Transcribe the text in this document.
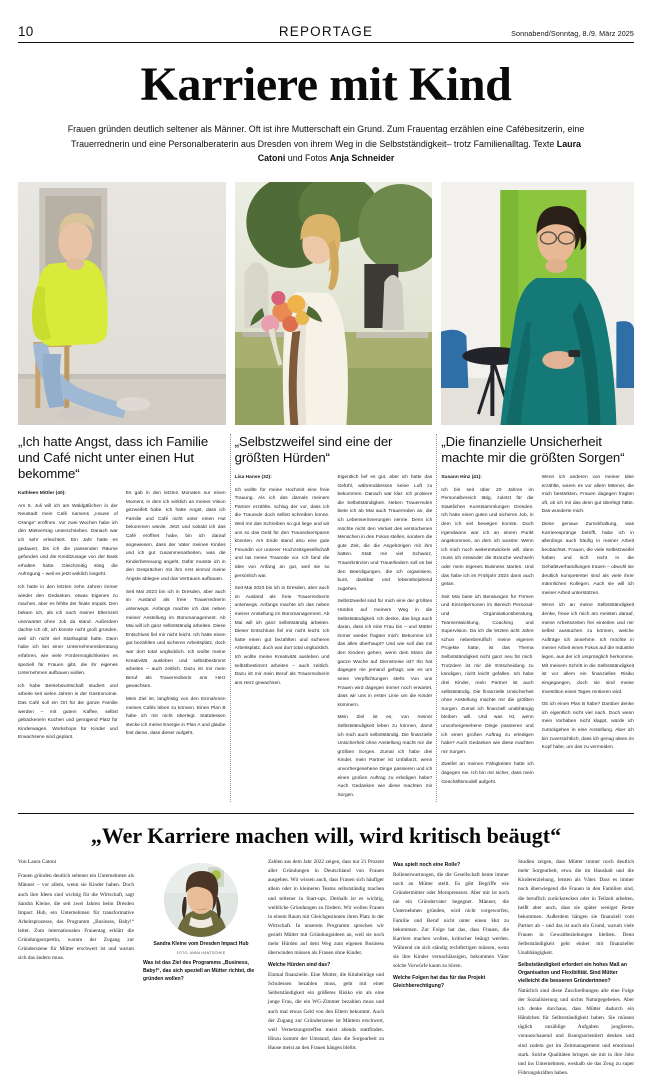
10	REPORTAGE	Sonnabend/Sonntag, 8./9. März 2025
Karriere mit Kind
Frauen gründen deutlich seltener als Männer. Oft ist ihre Mutterschaft ein Grund. Zum Frauentag erzählen eine Cafébesitzerin, eine Trauerrednerin und eine Personalberaterin aus Dresden von ihrem Weg in die Selbstständigkeit– trotz Familienalltag. Texte Laura Catoni und Fotos Anja Schneider
„Ich hatte Angst, dass ich Familie und Café nicht unter einen Hut bekomme“

Kathleen Mittler (40):

Am 5. Juli will ich am Waldgäßchen in der Neustadt mein Café namens „House of Orange“ eröffnen. Vor zwei Wochen habe ich den Mietvertrag unterschrieben. Danach war ich sehr erleichtert. Ein Jahr hatte es gedauert, bis ich die passenden Räume gefunden und die Kreditzusage von der Bank erhalten hatte. Gleichzeitig stieg die Aufregung – weil es jetzt wirklich losgeht.

Ich hatte in den letzten zehn Jahren immer wieder den Gedanken, etwas Eigenes zu machen, aber es fehlte der finale Impuls. Den bekam ich, als ich nach meiner Elternzeit unerwartet ohne Job da stand. Außerdem dachte ich oft, ich könnte nicht groß gründen, weil ich nicht viel Startkapital hatte. Dann habe ich bei einer Unternehmensberatung erfahren, wie viele Fördermöglichkeiten es speziell für Frauen gibt, die ihr eigenes Unternehmen aufbauen wollen.

Ich habe Betriebswirtschaft studiert und arbeite seit vielen Jahren in der Gastronomie. Das Café soll ein Ort für die ganze Familie werden – mit gutem Kaffee, selbst gebackenem Kuchen und genügend Platz für Kinderwagen. Workshops für Kinder und Erwachsene sind geplant.

Es gab in den letzten Monaten nur einen Moment, in dem ich wirklich an meiner Vision gezweifelt habe. Ich hatte Angst, dass ich Familie und Café nicht unter einen Hut bekommen würde. Jetzt und sobald ich das Café eröffnet habe, bin ich darauf angewiesen, dass der Vater meines Kindes und ich gut zusammenarbeiten, was die Kinderbetreuung angeht. Dafür musste ich in den Gesprächen mit ihm erst einmal meine Ängste ablegen und das Vertrauen aufbauen.

Seit Mai 2023 bin ich in Dresden, aber auch im Ausland als freie Trauerrednerin unterwegs. Anfangs machte ich das neben meiner Anstellung im Büromanagement. Ab Mai will ich ganz selbstständig arbeiten. Diese Entschluss fiel mir nicht leicht. Ich hatte einen gut bezahlten und sicheren Arbeitsplatz, doch war dort total unglücklich. Ich wollte meine Kreativität ausleben und selbstbestimmt arbeiten – auch zeitlich. Dazu ist mir mein Beruf als Trauerrednerin ans Herz gewachsen.

Mein Ziel ist, langfristig von den Einnahmen meines Cafés leben zu können. Einen Plan B habe ich mir nicht überlegt. Stattdessen stecke ich meine Energie in Plan A und glaube fest daran, dass dieser aufgeht.

„Selbstzweifel sind eine der größten Hürden“

Lisa Hanse (32):

Ich wollte für meine Hochzeit eine freie Trauung. Als ich das damals meinem Partner erzählte, schlug der vor, dass ich die Traurede doch selbst schreiben könne. Weil mir das Schreiben so gut liege und wir uns so das Geld für den Traurednersparen könnten. Am Ende stand also eine gute Freundin vor unserer Hochzeitsgesellschaft und las meine Traurede vor. Ich fand die Idee von Anfang an gut, weil sie so persönlich war.

Seit Mai 2023 bin ich in Dresden, aber auch im Ausland als freie Trauerrednerin unterwegs. Anfangs machte ich das neben meiner Anstellung im Büromanagement. Ab Mai will ich ganz selbstständig arbeiten. Dieser Entschluss fiel mir nicht leicht. Ich hatte einen gut bezahlten und sicheren Arbeitsplatz, doch war dort total unglücklich. Ich wollte meine Kreativität ausleben und selbstbestimmt arbeiten – auch zeitlich. Dazu ist mir mein Beruf als Trauerrednerin ans Herz gewachsen.

Eigentlich lief es gut, aber ich hatte das Gefühl, währenddessen keine Luft zu bekommen. Danach war klar: Ich probiere die Selbstständigkeit. Neben Trauerreden biete ich ab Mai auch Trauerreden an, die ich Lebenserinnerungen nenne. Denn ich möchte nicht den Verlust des verstorbenen Menschen in den Fokus stellen, sondern die gute Zeit, die die Angehörigen mit ihm hatten. Statt mit viel Schwarz, Trauerkränzen und Trauerliedern soll es bei den Beerdigungen, die ich organisiere, bunt, dankbar und lebensbejahend zugehen.

Selbstzweifel sind für mich eine der größten Hürden auf meinem Weg in die Selbstständigkeit. Ich denke, das liegt auch daran, dass ich eine Frau bin – und Mütter immer wieder fragten mich: Bekomme ich das alles überhaupt? Und wie soll das mit den Kindern gehen, wenn dein Mann die ganze Woche auf Dienstreise ist? Ihn hat dagegen nie jemand gefragt, wie es um seine Verpflichtungen steht. Von uns Frauen wird dagegen immer noch erwartet, dass wir uns in erster Linie um die Kinder kümmern.

Mein Ziel ist es, von meiner Selbstständigkeit leben zu können, damit ich mich auch selbstständig. Die finanzielle Unsicherheit ohne Anstellung macht mir die größten Sorgen. Zumal ich habe drei Kinder, mein Partner ist Unfallarzt, wenn unvorhergesehene Dinge passieren und ich einen großen Auftrag zu erledigen habe? Auch Gedanken wie diese machten mir Sorgen.

„Die finanzielle Unsicherheit machte mir die größten Sorgen“

Susann Hinz (41):

Ich bin seit über 20 Jahren im Personalbereich tätig, zuletzt für die Staatlichen Kunstsammlungen Dresden. Ich hatte einen guten und sicheren Job, in dem ich viel bewegen konnte. Doch irgendwann war ich an einem Punkt angekommen, an dem ich wusste: Wenn ich mich noch weiterentwickeln will, dann muss ich entweder die Branche wechseln oder mein eigenes Business starten. Und das habe ich im Frühjahr 2024 dann auch getan.

Seit Mai biete ich Beratungen für Firmen und Einzelpersonen im Bereich Personal- und Organisationsberatung, Teamentwicklung, Coaching und Supervision. Da ich die letzten acht Jahre schon nebenberuflich meine eigenen Projekte hatte, ist das Thema Selbstständigkeit nicht ganz neu für mich. Trotzdem ist mir die Entscheidung zu kündigen, nicht leicht gefallen. Ich habe drei Kinder, mein Partner ist auch selbstständig. Die finanzielle Unsicherheit ohne Anstellung machte mir die größten Sorgen. Zumal ich finanziell unabhängig bleiben will. Und was ist, wenn unvorhergesehene Dinge passieren und ich einen großen Auftrag zu erledigen habe? Auch Gedanken wie diese machten mir Sorgen.

Zweifel an meinen Fähigkeiten hatte ich dagegen nie. Ich bin mir sicher, dass mein Geschäftsmodell aufgeht.

Wenn ich anderen von meiner Idee erzählte, waren es vor allem Männer, die mich bestärkten. Frauen dagegen fragten oft, ob ich mir das denn gut überlegt hätte. Das wunderte mich.

Diese genaue Zurückhaltung, was Karrieresprünge betrifft, habe ich in allerdings auch häufig in meiner Arbeit beobachtet. Frauen, die viele Selbstzweifel haben und sich nicht in die Gehaltsverhandlungen trauen – obwohl sie deutlich kompetenter sind als viele ihrer männlichen Kollegen. Auch sie will ich meiner Arbeit unterstützen.

Wenn ich an meine Selbstständigkeit denke, freue ich mich am meisten darauf, meine Arbeitszeiten frei einteilen und mir selbst aussuchen zu können, welche Aufträge ich annehme. Ich möchte in meiner Arbeit einen Fokus auf die Industrie legen, aus der ich ursprünglich herkomme. Mit meinem Schritt in die Selbstständigkeit ist vor allem ein finanzielles Risiko eingegangen, doch sie sind meine Investition eines Tages rentieren wird.

Ob ich einen Plan B habe? Darüber denke ich eigentlich nicht viel nach. Doch wenn mein Vorhaben nicht klappt, würde ich zurückgehen in eine Anstellung. Aber ich bin zuversichtlich, dass ich genug Ideen im Kopf habe, um das zu vermeiden.

„Wer Karriere machen will, wird kritisch beäugt“
Von Laura Catoni

Frauen gründen deutlich seltener ein Unternehmen als Männer – vor allem, wenn sie Kinder haben. Doch auch ihre Ideen sind wichtig für die Wirtschaft, sagt Sandra Kleine, die seit zwei Jahren beim Dresden Impact Hub, ein Unternehmen für transformative Arbeitsprozesse, das Programm „Business, Baby!“ leitet. Zum internationalen Frauentag erklärt die Gründungsexpertin, warum der Zugang zur Gründerszene für Mütter erschwert ist und warum sich das ändern muss.

Sandra Kleine vom Dresden Impact Hub
FOTO: ANNA HANTSCHKE
Was ist das Ziel des Programms „Business, Baby!“, das sich speziell an Mütter richtet, die gründen wollen?

Zahlen aus dem Jahr 2022 zeigen, dass nur 21 Prozent aller Gründungen in Deutschland von Frauen ausgehen. Wir wissen auch, dass Frauen sich häufiger allein oder in kleineren Teams selbstständig machen und seltener in Start-ups. Deshalb ist es wichtig, weibliche Gründungen zu fördern. Wir wollen Frauen in einem Raum mit Gleichgesinnten ihren Platz in der Wirtschaft. In unserem Programm sprechen wir gezielt Mütter mit Gründungsideen an, weil sie noch mehr Hürden auf dem Weg zum eigenen Business überwinden müssen als Frauen ohne Kinder.

Welche Hürden sind das?

Einmal finanzielle. Eine Mutter, die Kitabeiträge und Schulessen bezahlen muss, geht mit einer Selbstständigkeit ein größeres Risiko ein als eine junge Frau, die ein WG-Zimmer bezahlen muss und auch mal etwas Geld von den Eltern bekommt. Auch der Zugang zur Gründerszene ist Müttern erschwert, weil Vernetzungstreffen meist abends stattfinden. Hinzu kommt der Umstand, dass die Sorgearbeit zu Hause meist an den Frauen hängen bleibt.

Was spielt noch eine Rolle?

Rollenerwartungen, die die Gesellschaft heute immer noch an Mütter stellt. Es gibt Begriffe wie Gründermütter oder Mompreneurs. Aber mir ist noch nie ein Gründervater begegnet. Männer, die Unternehmen gründen, wird nicht vorgeworfen, Familie und Beruf nicht unter einen Hut zu bekommen. Zur Folge hat das, dass Frauen, die Karriere machen wollen, kritischer beäugt werden. Während sie sich ständig rechtfertigen müssen, wenn sie ihre Kinder vernachlässigen, bekommen Väter solche Vorwürfe kaum zu hören.

Welche Folgen hat das für das Projekt Gleichberechtigung?

Studien zeigen, dass Mütter immer noch deutlich mehr Sorgearbeit, etwa die im Haushalt und die Kindererziehung, leisten als Väter. Dass es immer noch überwiegend die Frauen in den Familien sind, die beruflich zurückstecken oder in Teilzeit arbeiten, heißt aber auch, dass sie später weniger Rente bekommen. Außerdem hängen sie finanziell vom Partner ab – und das ist auch ein Grund, warum viele Frauen in Gewaltbeziehungen bleiben. Denn Selbstständigkeit geht einher mit finanzieller Unabhängigkeit.

Selbstständigkeit erfordert ein hohes Maß an Organisation und Flexibilität. Sind Mütter vielleicht die besseren Gründerinnen?

Natürlich sind diese Zuschreibungen alle eine Folge der Sozialisierung und nichts Naturgegebenes. Aber ich denke durchaus, dass Mütter dadurch ein Händchen für Selbstständigkeit haben. Sie müssen täglich unzählige Aufgaben jonglieren, vorausschauend und lösungsorientiert denken und sind zudem gut im Zeitmanagement und emotional stark. Solche Qualitäten bringen sie mit in ihre Jobs und ins Unternehmen, weshalb sie das Zeug zu super Führungskräften haben.
